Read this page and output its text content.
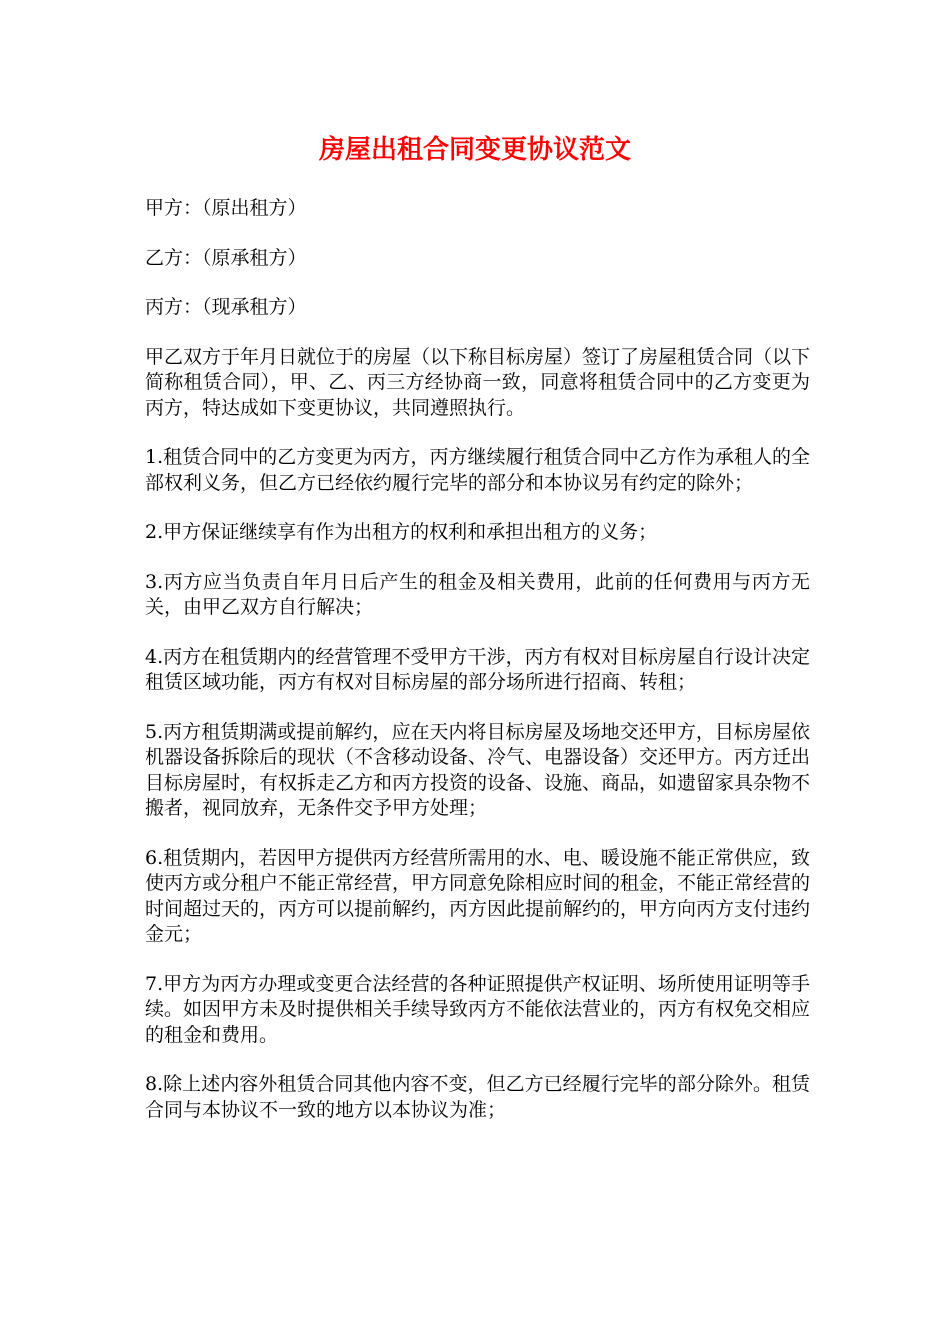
房屋出租合同变更协议范文

甲方：（原出租方）

乙方：（原承租方）

丙方：（现承租方）

甲乙双方于年月日就位于的房屋（以下称目标房屋）签订了房屋租赁合同（以下简称租赁合同），甲、乙、丙三方经协商一致，同意将租赁合同中的乙方变更为丙方，特达成如下变更协议，共同遵照执行。

1.租赁合同中的乙方变更为丙方，丙方继续履行租赁合同中乙方作为承租人的全部权利义务，但乙方已经依约履行完毕的部分和本协议另有约定的除外；

2.甲方保证继续享有作为出租方的权利和承担出租方的义务；

3.丙方应当负责自年月日后产生的租金及相关费用，此前的任何费用与丙方无关，由甲乙双方自行解决；

4.丙方在租赁期内的经营管理不受甲方干涉，丙方有权对目标房屋自行设计决定租赁区域功能，丙方有权对目标房屋的部分场所进行招商、转租；

5.丙方租赁期满或提前解约，应在天内将目标房屋及场地交还甲方，目标房屋依机器设备拆除后的现状（不含移动设备、冷气、电器设备）交还甲方。丙方迁出目标房屋时，有权拆走乙方和丙方投资的设备、设施、商品，如遗留家具杂物不搬者，视同放弃，无条件交予甲方处理；

6.租赁期内，若因甲方提供丙方经营所需用的水、电、暖设施不能正常供应，致使丙方或分租户不能正常经营，甲方同意免除相应时间的租金，不能正常经营的时间超过天的，丙方可以提前解约，丙方因此提前解约的，甲方向丙方支付违约金元；

7.甲方为丙方办理或变更合法经营的各种证照提供产权证明、场所使用证明等手续。如因甲方未及时提供相关手续导致丙方不能依法营业的，丙方有权免交相应的租金和费用。

8.除上述内容外租赁合同其他内容不变，但乙方已经履行完毕的部分除外。租赁合同与本协议不一致的地方以本协议为准；
